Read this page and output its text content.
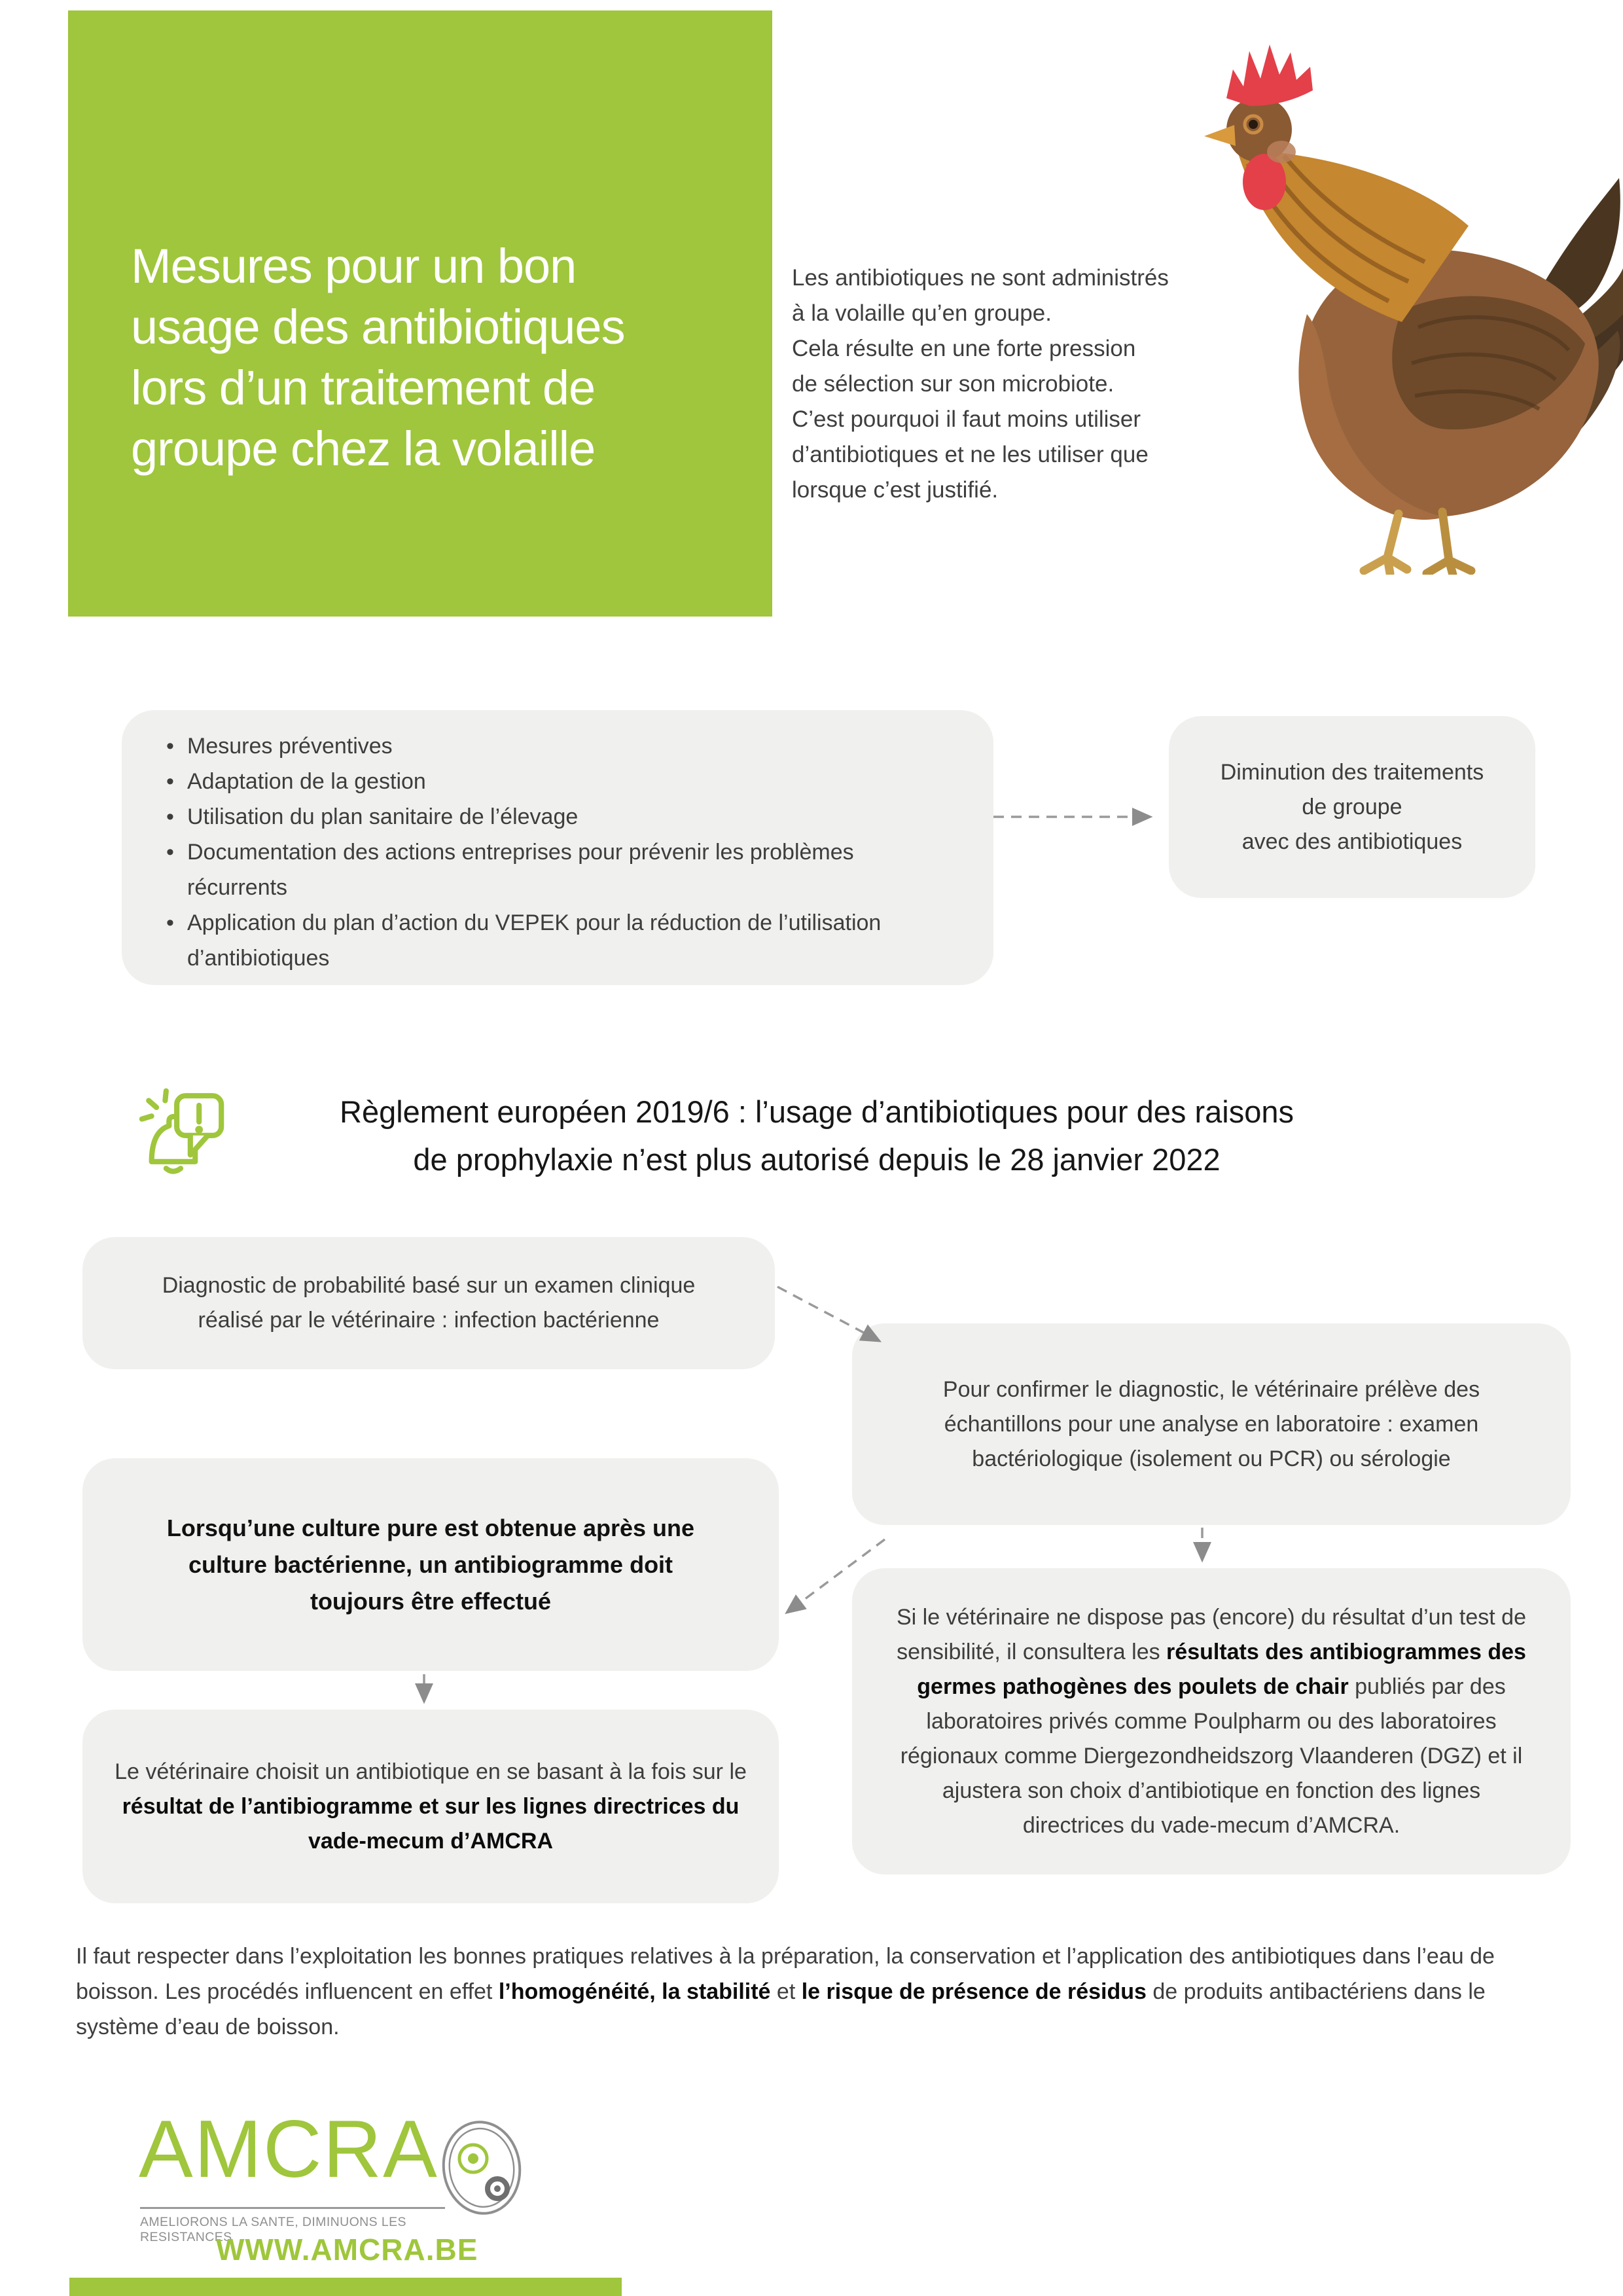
Mesures pour un bon
usage des antibiotiques
lors d’un traitement de
groupe chez la volaille
Les antibiotiques ne sont administrés
à la volaille qu’en groupe.
Cela résulte en une forte pression
de sélection sur son microbiote.
C’est pourquoi il faut moins utiliser
d’antibiotiques et ne les utiliser que
lorsque c’est justifié.
• Mesures préventives
• Adaptation de la gestion
• Utilisation du plan sanitaire de l’élevage
• Documentation des actions entreprises pour prévenir les problèmes récurrents
• Application du plan d’action du VEPEK pour la réduction de l’utilisation d’antibiotiques
Diminution des traitements
de groupe
avec des antibiotiques
Règlement européen 2019/6 : l’usage d’antibiotiques pour des raisons
de prophylaxie n’est plus autorisé depuis le 28 janvier 2022
Diagnostic de probabilité basé sur un examen clinique
réalisé par le vétérinaire : infection bactérienne
Pour confirmer le diagnostic, le vétérinaire prélève des
échantillons pour une analyse en laboratoire : examen
bactériologique (isolement ou PCR) ou sérologie
Lorsqu’une culture pure est obtenue après une
culture bactérienne, un antibiogramme doit
toujours être effectué
Si le vétérinaire ne dispose pas (encore) du résultat d’un test de sensibilité, il consultera les résultats des antibiogrammes des germes pathogènes des poulets de chair publiés par des laboratoires privés comme Poulpharm ou des laboratoires régionaux comme Diergezondheidszorg Vlaanderen (DGZ) et il ajustera son choix d’antibiotique en fonction des lignes directrices du vade-mecum d’AMCRA.
Le vétérinaire choisit un antibiotique en se basant à la fois sur le résultat de l’antibiogramme et sur les lignes directrices du vade-mecum d’AMCRA
Il faut respecter dans l’exploitation les bonnes pratiques relatives à la préparation, la conservation et l’application des antibiotiques dans l’eau de boisson. Les procédés influencent en effet l’homogénéité, la stabilité et le risque de présence de résidus de produits antibactériens dans le système d’eau de boisson.
AMCRA
AMELIORONS LA SANTE, DIMINUONS LES RESISTANCES
WWW.AMCRA.BE
